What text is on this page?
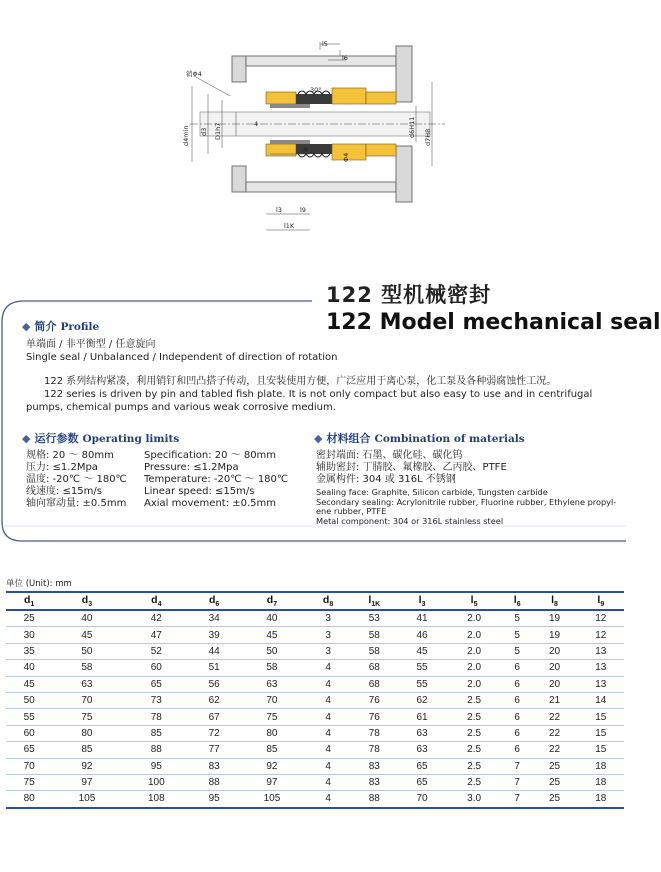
l5
l6
销Φ4
30°
4
d4min d3 D1h7	d6H11 d7H8
Φ4
l8
l3	l9
l1K
122 型机械密封
122 Model mechanical seal
◆ 简介 Profile
单端面 / 非平衡型 / 任意旋向
Single seal / Unbalanced / Independent of direction of rotation
122 系列结构紧凑，利用销钉和凹凸搭子传动，且安装使用方便，广泛应用于离心泵，化工泵及各种弱腐蚀性工况。
122 series is driven by pin and tabled fish plate. It is not only compact but also easy to use and in centrifugal pumps, chemical pumps and various weak corrosive medium.
◆ 运行参数 Operating limits
规格: 20 ～ 80mm	Specification: 20 ～ 80mm
压力: ≤1.2Mpa	Pressure: ≤1.2Mpa
温度: -20℃ ～ 180℃ Temperature: -20℃ ～ 180℃
线速度: ≤15m/s	Linear speed: ≤15m/s
轴向窜动量: ±0.5mm Axial movement: ±0.5mm
◆ 材料组合 Combination of materials
密封端面: 石墨、碳化硅、碳化钨
辅助密封: 丁腈胶、氟橡胶、乙丙胶、PTFE
金属构件: 304 或 316L 不锈钢
Sealing face: Graphite, Silicon carbide, Tungsten carbide
Secondary sealing: Acrylonitrile rubber, Fluorine rubber, Ethylene propyl-
ene rubber, PTFE
Metal component: 304 or 316L stainless steel
单位 (Unit): mm
$d_1$	$d_3$	$d_4$	$d_6$	$d_7$	$d_8$	$l_{1K}$	$l_3$	$l_5$	$l_6$	$l_8$	$l_9$
25	40	42	34	40	3	53	41	2.0	5	19	12
30	45	47	39	45	3	58	46	2.0	5	19	12
35	50	52	44	50	3	58	45	2.0	5	20	13
40	58	60	51	58	4	68	55	2.0	6	20	13
45	63	65	56	63	4	68	55	2.0	6	20	13
50	70	73	62	70	4	76	62	2.5	6	21	14
55	75	78	67	75	4	76	61	2.5	6	22	15
60	80	85	72	80	4	78	63	2.5	6	22	15
65	85	88	77	85	4	78	63	2.5	6	22	15
70	92	95	83	92	4	83	65	2.5	7	25	18
75	97	100	88	97	4	83	65	2.5	7	25	18
80	105	108	95	105	4	88	70	3.0	7	25	18
